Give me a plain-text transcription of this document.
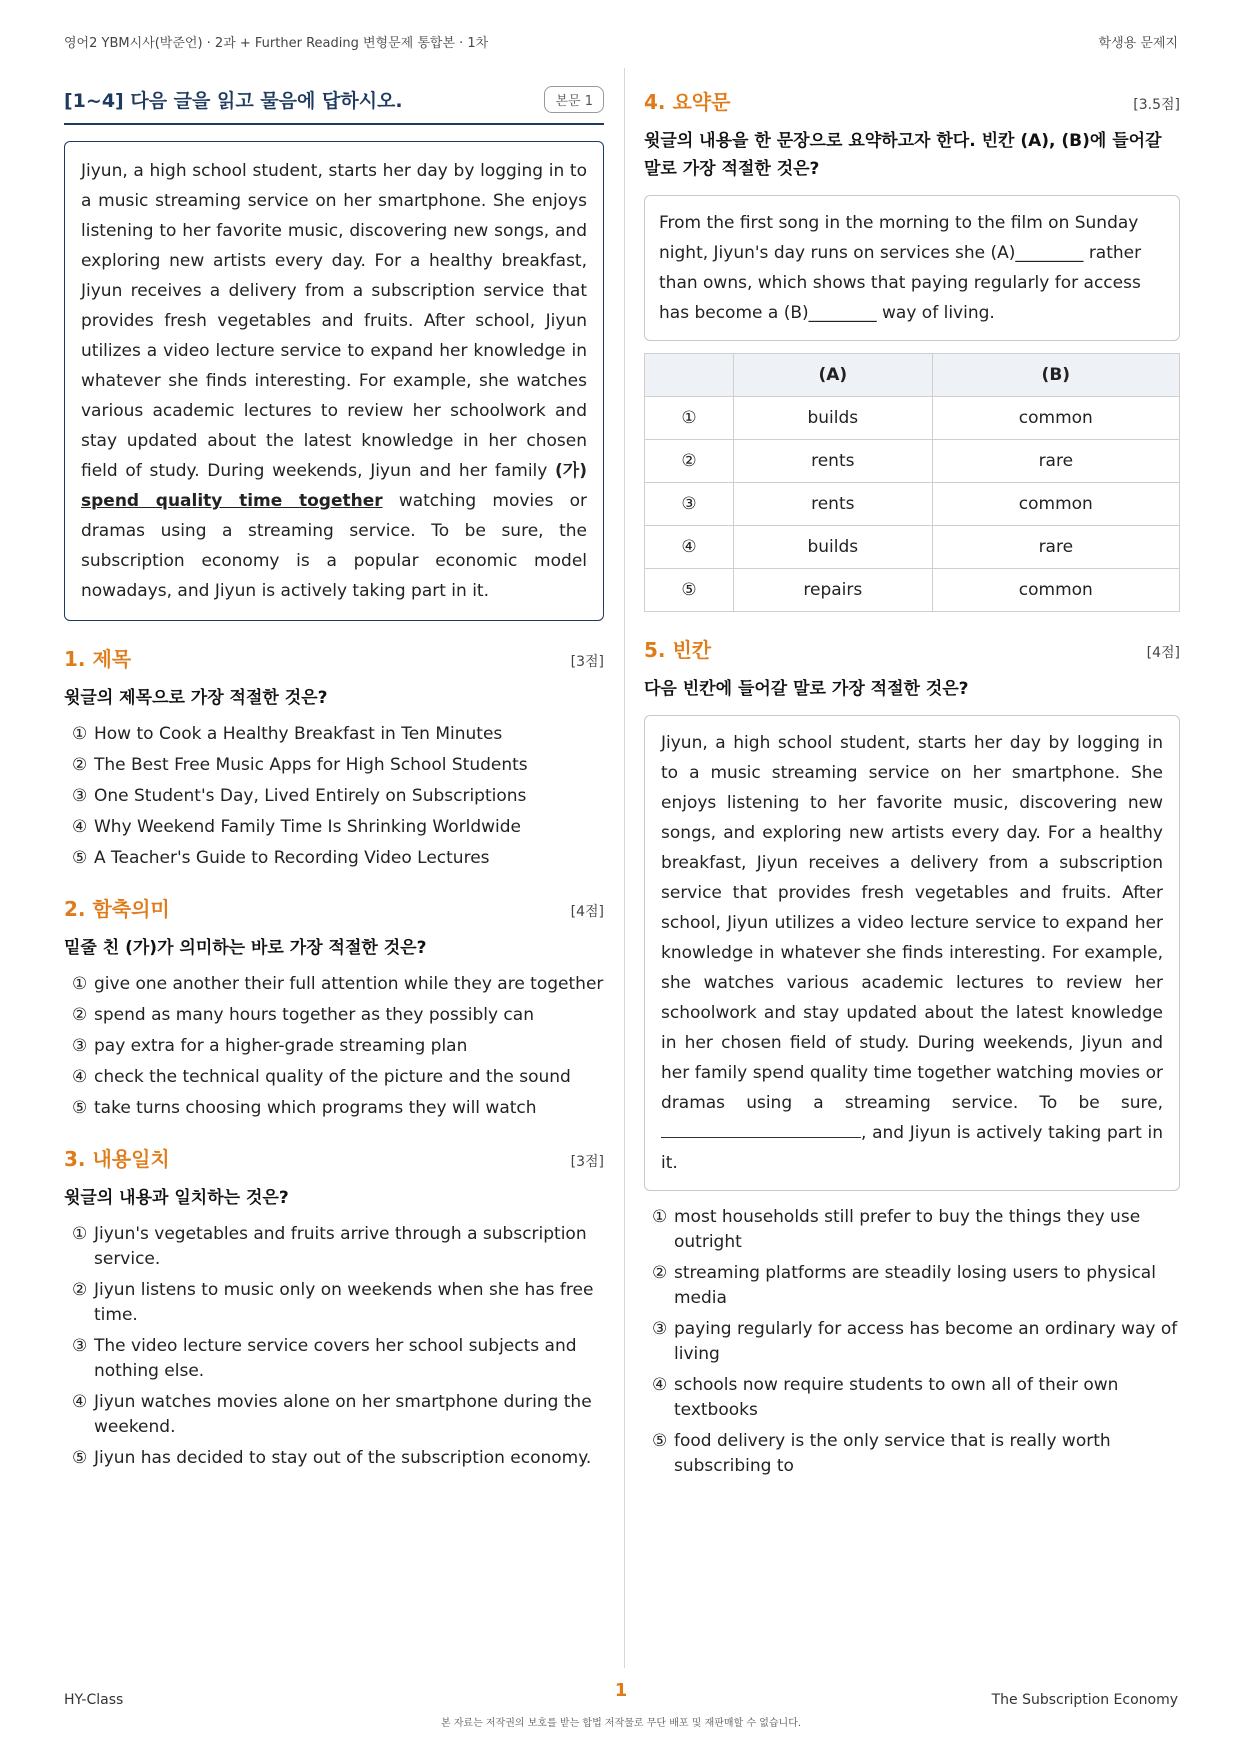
영어2 YBM시사(박준언) · 2과 + Further Reading 변형문제 통합본 · 1차	학생용 문제지
[1~4] 다음 글을 읽고 물음에 답하시오.	본문 1
Jiyun, a high school student, starts her day by logging in to a music streaming service on her smartphone. She enjoys listening to her favorite music, discovering new songs, and exploring new artists every day. For a healthy breakfast, Jiyun receives a delivery from a subscription service that provides fresh vegetables and fruits. After school, Jiyun utilizes a video lecture service to expand her knowledge in whatever she finds interesting. For example, she watches various academic lectures to review her schoolwork and stay updated about the latest knowledge in her chosen field of study. During weekends, Jiyun and her family (가) spend quality time together watching movies or dramas using a streaming service. To be sure, the subscription economy is a popular economic model nowadays, and Jiyun is actively taking part in it.
1. 제목	[3점]
윗글의 제목으로 가장 적절한 것은?
① How to Cook a Healthy Breakfast in Ten Minutes
② The Best Free Music Apps for High School Students
③ One Student's Day, Lived Entirely on Subscriptions
④ Why Weekend Family Time Is Shrinking Worldwide
⑤ A Teacher's Guide to Recording Video Lectures
2. 함축의미	[4점]
밑줄 친 (가)가 의미하는 바로 가장 적절한 것은?
① give one another their full attention while they are together
② spend as many hours together as they possibly can
③ pay extra for a higher-grade streaming plan
④ check the technical quality of the picture and the sound
⑤ take turns choosing which programs they will watch
3. 내용일치	[3점]
윗글의 내용과 일치하는 것은?
① Jiyun's vegetables and fruits arrive through a subscription service.
② Jiyun listens to music only on weekends when she has free time.
③ The video lecture service covers her school subjects and nothing else.
④ Jiyun watches movies alone on her smartphone during the weekend.
⑤ Jiyun has decided to stay out of the subscription economy.
4. 요약문	[3.5점]
윗글의 내용을 한 문장으로 요약하고자 한다. 빈칸 (A), (B)에 들어갈 말로 가장 적절한 것은?
From the first song in the morning to the film on Sunday night, Jiyun's day runs on services she (A)________ rather than owns, which shows that paying regularly for access has become a (B)________ way of living.
	(A)	(B)
①	builds	common
②	rents	rare
③	rents	common
④	builds	rare
⑤	repairs	common
5. 빈칸	[4점]
다음 빈칸에 들어갈 말로 가장 적절한 것은?
Jiyun, a high school student, starts her day by logging in to a music streaming service on her smartphone. She enjoys listening to her favorite music, discovering new songs, and exploring new artists every day. For a healthy breakfast, Jiyun receives a delivery from a subscription service that provides fresh vegetables and fruits. After school, Jiyun utilizes a video lecture service to expand her knowledge in whatever she finds interesting. For example, she watches various academic lectures to review her schoolwork and stay updated about the latest knowledge in her chosen field of study. During weekends, Jiyun and her family spend quality time together watching movies or dramas using a streaming service. To be sure, , and Jiyun is actively taking part in it.
① most households still prefer to buy the things they use outright
② streaming platforms are steadily losing users to physical media
③ paying regularly for access has become an ordinary way of living
④ schools now require students to own all of their own textbooks
⑤ food delivery is the only service that is really worth subscribing to
HY-Class	1	The Subscription Economy
본 자료는 저작권의 보호를 받는 합법 저작물로 무단 배포 및 재판매할 수 없습니다.
